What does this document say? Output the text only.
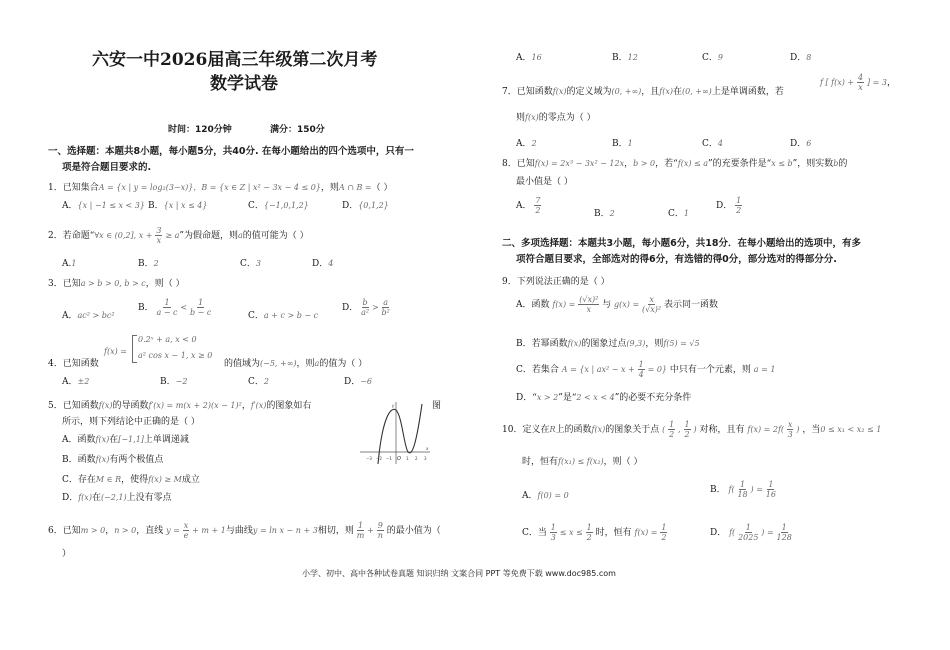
六安一中2026届高三年级第二次月考
数学试卷
时间：120分钟	满分：150分
一、选择题：本题共8小题，每小题5分，共40分. 在每小题给出的四个选项中，只有一
项是符合题目要求的.
1．已知集合A = {x | y = log₂(3−x)}，B = {x ∈ Z | x² − 3x − 4 ≤ 0}，则A ∩ B =（ ）
A．{x | −1 ≤ x < 3} B．{x | x ≤ 4}	C．{−1,0,1,2}	D．{0,1,2}
2．若命题“∀x ∈ (0,2], $x + \frac{3}{x} \ge a$”为假命题，则a的值可能为（ ）
A.1	B．2	C．3	D．4
3．已知a > b > 0, b > c，则（ ）
A．ac² > bc²
B． $\frac{1}{a - c} < \frac{1}{b - c}$	C．a + c > b − c
D． $\frac{b}{\text{a²}} > \frac{a}{\text{b²}}$
f(x) =
0.2ˣ + a, x < 0
a² cos x − 1, x ≥ 0
4．已知函数	的值域为(−5, +∞)，则a的值为（ ）
A．±2	B．−2	C．2	D．−6
5．已知函数f(x)的导函数f′(x) = m(x + 2)(x − 1)²，f′(x)的图象如右	图
所示，则下列结论中正确的是（ ）
A．函数f(x)在[−1,1]上单调递减
B．函数f(x)有两个极值点
C．存在M ∈ R，使得f(x) ≥ M成立
D．f(x)在(−2,1)上没有零点
−3 −2 −1 O 1 2 3
y
x
6．已知m > 0，n > 0，直线 $y = \frac{x}{e} + m + 1$与曲线y = ln x − n + 3相切，则 $\frac{1}{m} + \frac{9}{n}$ 的最小值为（
）
A．16	B．12	C．9	D．8
7．已知函数f(x)的定义域为(0, +∞)，且f(x)在(0, +∞)上是单调函数，若
f [ $f(x) + \frac{4}{x}$ ] = 3，
则f(x)的零点为（ ）
A．2	B．1	C．4	D．6
8．已知f(x) = 2x³ − 3x² − 12x，b > 0，若“f(x) ≤ a”的充要条件是“x ≤ b”，则实数b的
最小值是（ ）
A． $\frac{7}{2}$	B．2	C．1
D． $\frac{1}{2}$
二、多项选择题：本题共3小题，每小题6分，共18分．在每小题给出的选项中，有多
项符合题目要求，全部选对的得6分，有选错的得0分，部分选对的得部分分.
9．下列说法正确的是（ ）
A．函数 $f(x) = \frac{\text{(√x)²}}{x}$ 与 $g(x) = \frac{x}{\text{(√x)²}}$ 表示同一函数
B．若幂函数f(x)的图象过点(9,3)，则f(5) = √5
C．若集合 A = {x | $ax^2 - x + \frac{1}{4} = 0$} 中只有一个元素，则 a = 1
D．“x > 2”是“2 < x < 4”的必要不充分条件
10．定义在R上的函数f(x)的图象关于点 ( $\frac{1}{2}$ , $\frac{1}{2}$ ) 对称，且有 $f(x) = 2f( \frac{x}{3}$ ) ，当0 ≤ x₁ < x₂ ≤ 1
时，恒有f(x₁) ≤ f(x₂)，则（ ）
A．f(0) = 0
B． $f( \frac{1}{18}$ ) = $\frac{1}{16}$
C．当 $\frac{1}{3} \le x \le \frac{1}{2}$ 时，恒有 $f(x) = \frac{1}{2}$	D． $f( \frac{1}{2025}$ ) = $\frac{1}{128}$
小学、初中、高中各种试卷真题 知识归纳 文案合同 PPT 等免费下载 www.doc985.com
